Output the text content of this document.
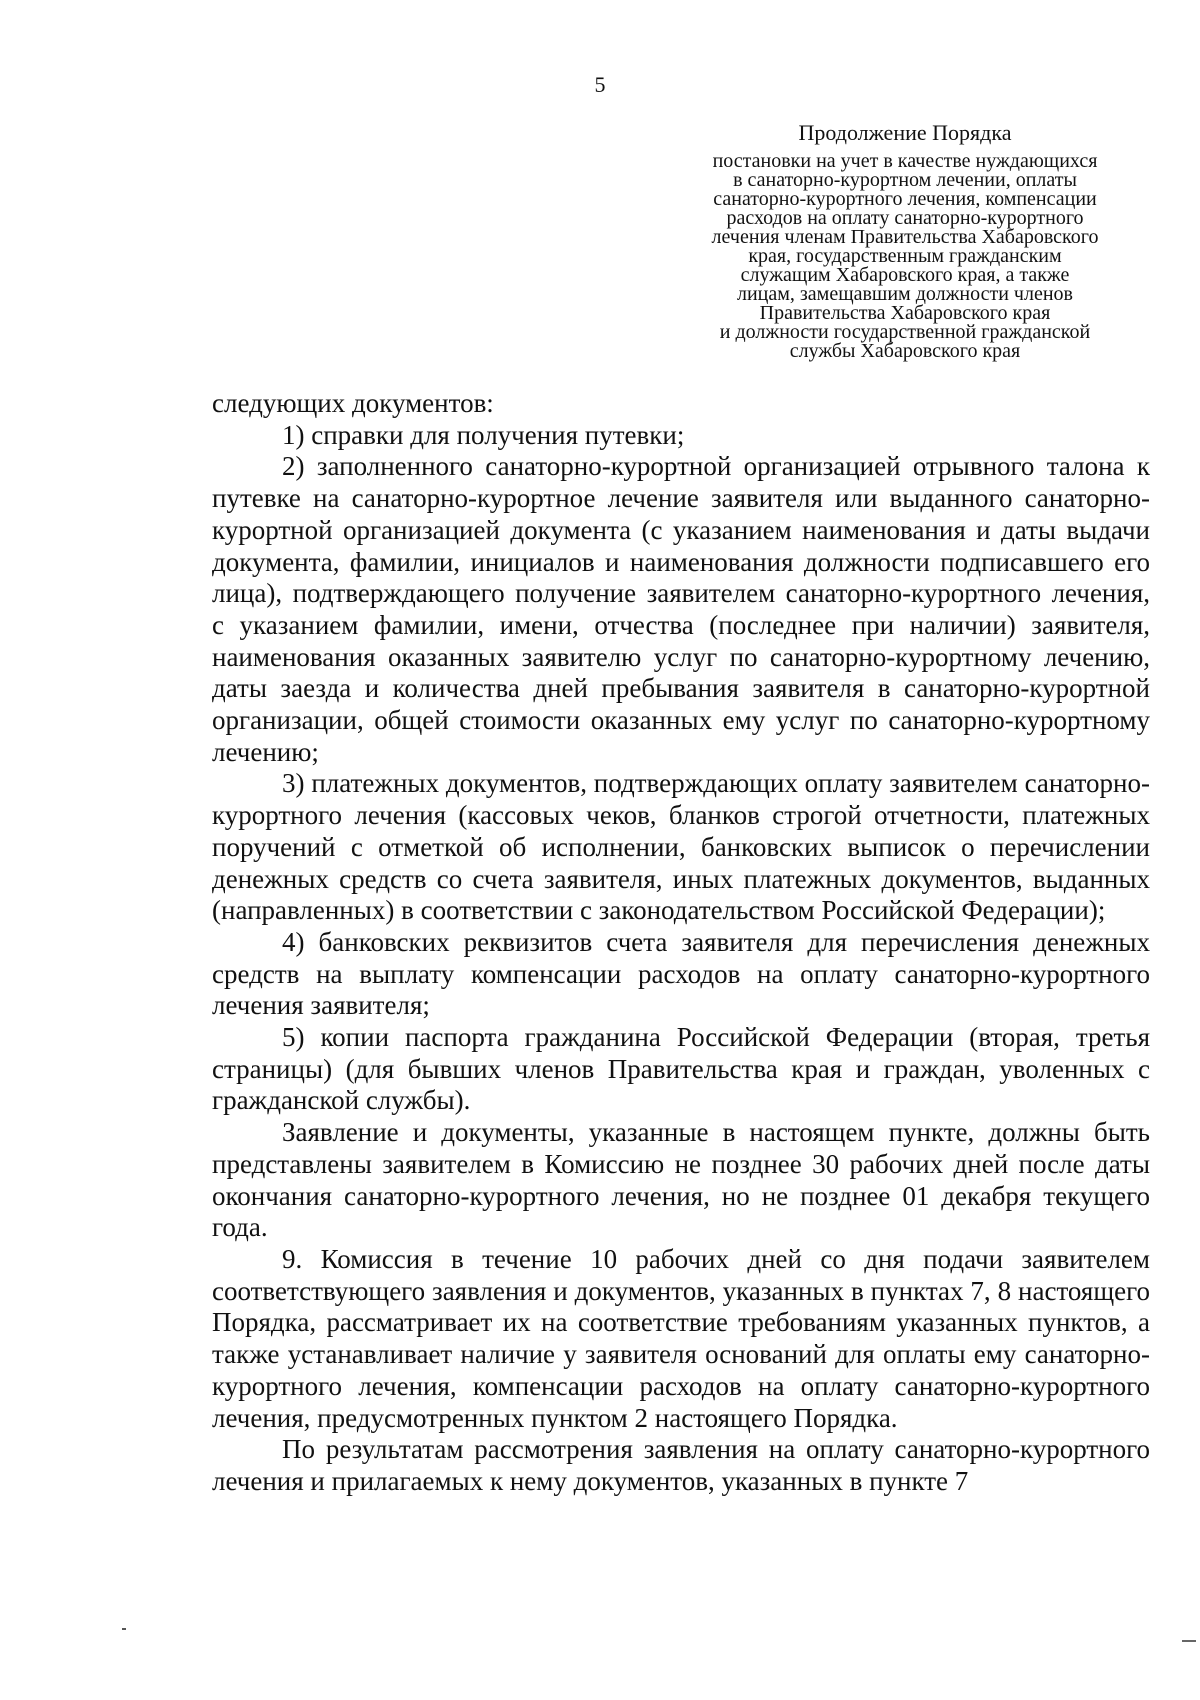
5
Продолжение Порядка
постановки на учет в качестве нуждающихся
в санаторно-курортном лечении, оплаты
санаторно-курортного лечения, компенсации
расходов на оплату санаторно-курортного
лечения членам Правительства Хабаровского
края, государственным гражданским
служащим Хабаровского края, а также
лицам, замещавшим должности членов
Правительства Хабаровского края
и должности государственной гражданской
службы Хабаровского края

следующих документов:

1) справки для получения путевки;

2) заполненного санаторно-курортной организацией отрывного талона к путевке на санаторно-курортное лечение заявителя или выданного санаторно-курортной организацией документа (с указанием наименования и даты выдачи документа, фамилии, инициалов и наименования должности подписавшего его лица), подтверждающего получение заявителем санаторно-курортного лечения, с указанием фамилии, имени, отчества (последнее при наличии) заявителя, наименования оказанных заявителю услуг по санаторно-курортному лечению, даты заезда и количества дней пребывания заявителя в санаторно-курортной организации, общей стоимости оказанных ему услуг по санаторно-курортному лечению;

3) платежных документов, подтверждающих оплату заявителем санаторно-курортного лечения (кассовых чеков, бланков строгой отчетности, платежных поручений с отметкой об исполнении, банковских выписок о перечислении денежных средств со счета заявителя, иных платежных документов, выданных (направленных) в соответствии с законодательством Российской Федерации);

4) банковских реквизитов счета заявителя для перечисления денежных средств на выплату компенсации расходов на оплату санаторно-курортного лечения заявителя;

5) копии паспорта гражданина Российской Федерации (вторая, третья страницы) (для бывших членов Правительства края и граждан, уволенных с гражданской службы).

Заявление и документы, указанные в настоящем пункте, должны быть представлены заявителем в Комиссию не позднее 30 рабочих дней после даты окончания санаторно-курортного лечения, но не позднее 01 декабря текущего года.

9. Комиссия в течение 10 рабочих дней со дня подачи заявителем соответствующего заявления и документов, указанных в пунктах 7, 8 настоящего Порядка, рассматривает их на соответствие требованиям указанных пунктов, а также устанавливает наличие у заявителя оснований для оплаты ему санаторно-курортного лечения, компенсации расходов на оплату санаторно-курортного лечения, предусмотренных пунктом 2 настоящего Порядка.

По результатам рассмотрения заявления на оплату санаторно-курортного лечения и прилагаемых к нему документов, указанных в пункте 7
